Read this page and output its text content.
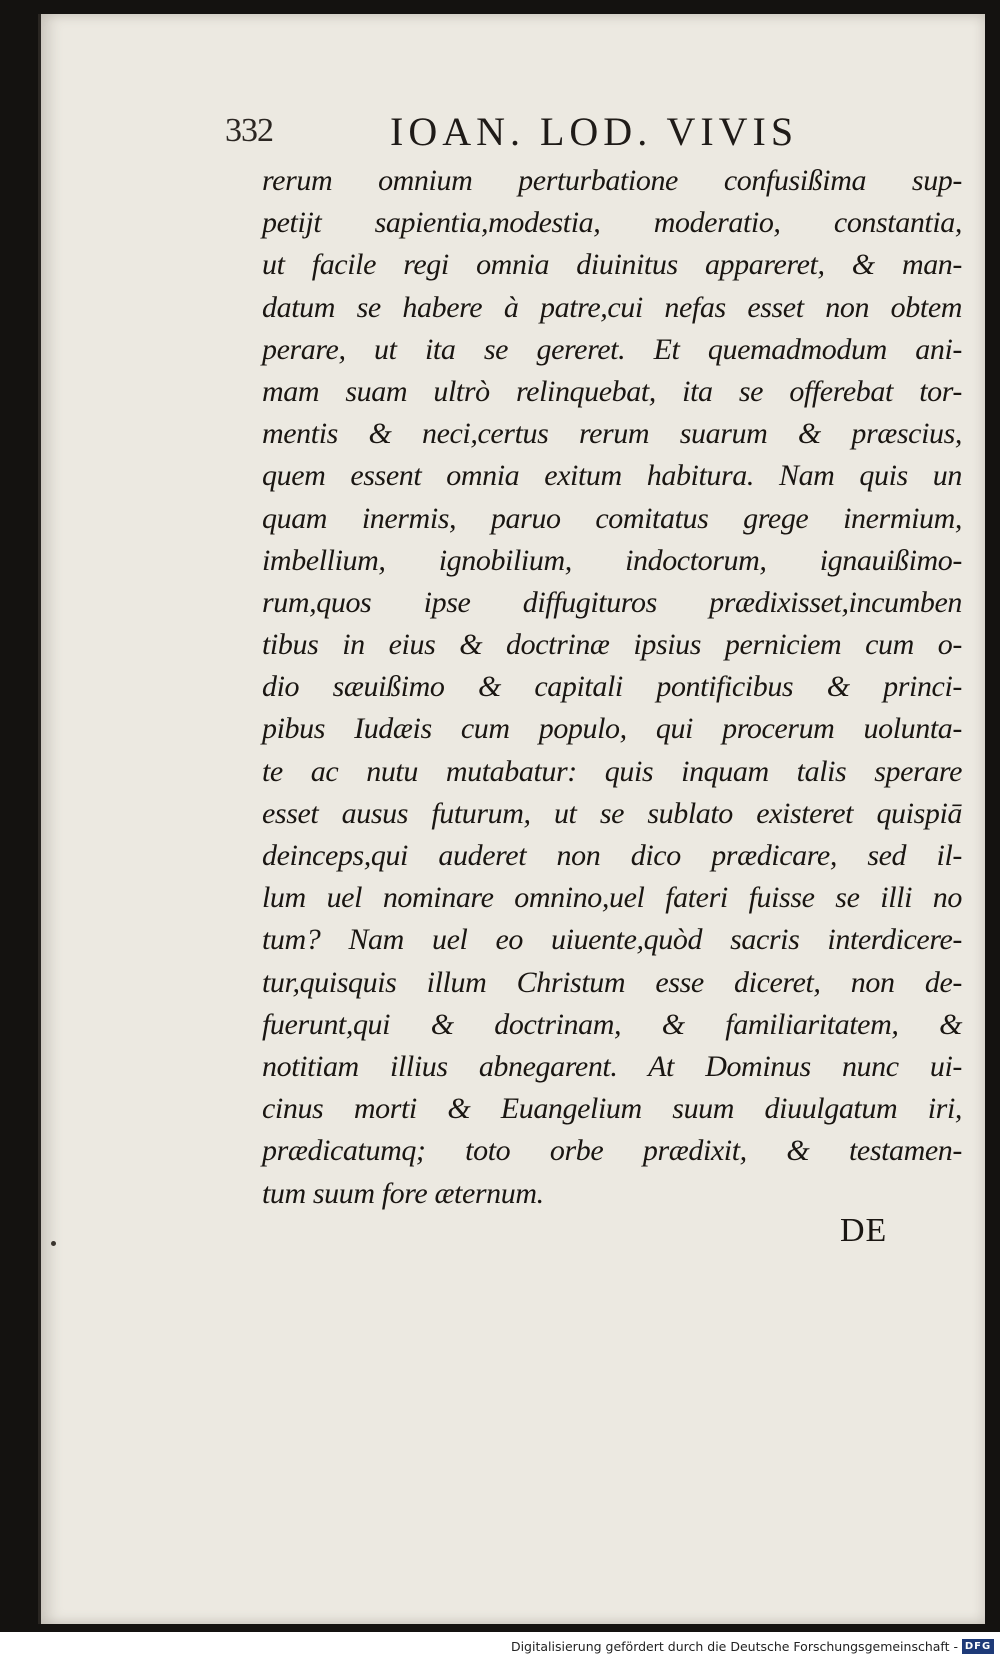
332	IOAN. LOD. VIVIS
rerum omnium perturbatione confusißima sup-
petijt sapientia,modestia, moderatio, constantia,
ut facile regi omnia diuinitus appareret, & man-
datum se habere à patre,cui nefas esset non obtem
perare, ut ita se gereret. Et quemadmodum ani-
mam suam ultrò relinquebat, ita se offerebat tor-
mentis & neci,certus rerum suarum & præscius,
quem essent omnia exitum habitura. Nam quis un
quam inermis, paruo comitatus grege inermium,
imbellium, ignobilium, indoctorum, ignauißimo-
rum,quos ipse diffugituros prædixisset,incumben
tibus in eius & doctrinæ ipsius perniciem cum o-
dio sæuißimo & capitali pontificibus & princi-
pibus Iudæis cum populo, qui procerum uolunta-
te ac nutu mutabatur: quis inquam talis sperare
esset ausus futurum, ut se sublato existeret quispiā
deinceps,qui auderet non dico prædicare, sed il-
lum uel nominare omnino,uel fateri fuisse se illi no
tum? Nam uel eo uiuente,quòd sacris interdicere-
tur,quisquis illum Christum esse diceret, non de-
fuerunt,qui & doctrinam, & familiaritatem, &
notitiam illius abnegarent. At Dominus nunc ui-
cinus morti & Euangelium suum diuulgatum iri,
prædicatumq; toto orbe prædixit, & testamen-
tum suum fore æternum.
DE
Digitalisierung gefördert durch die Deutsche Forschungsgemeinschaft - DFG
